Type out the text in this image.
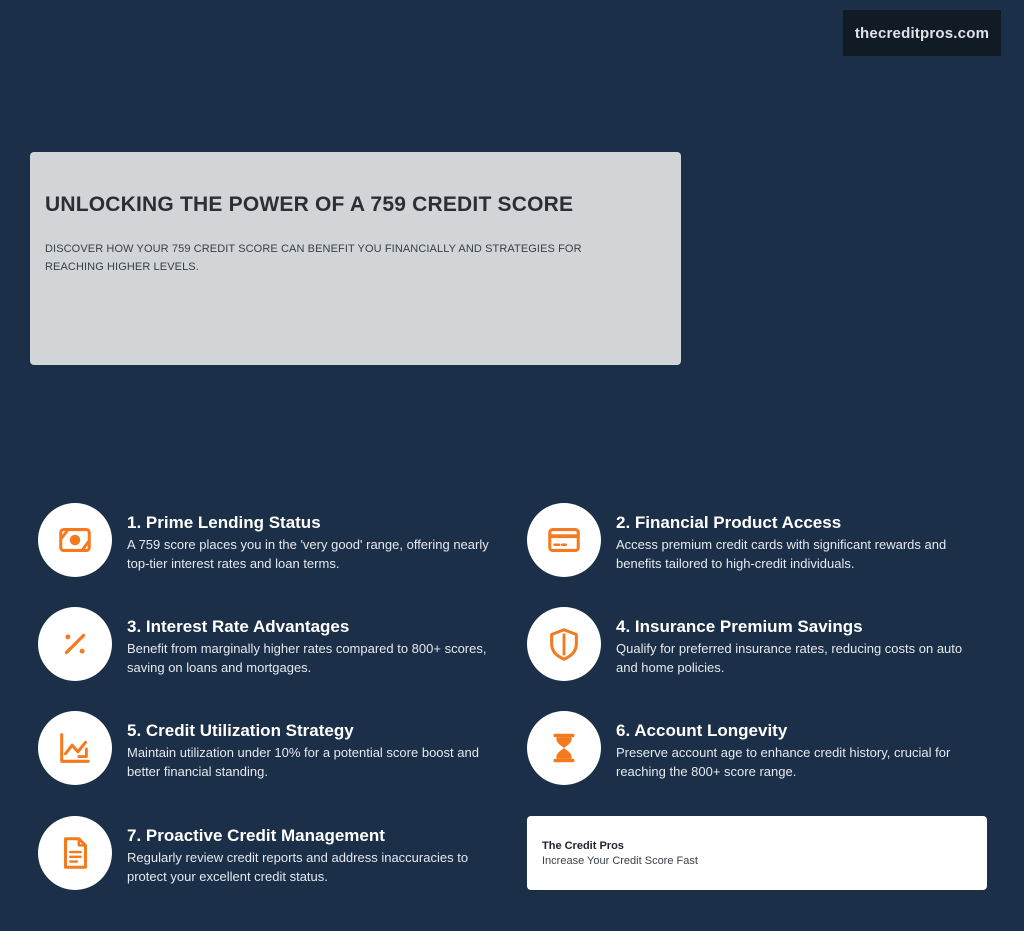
thecreditpros.com
UNLOCKING THE POWER OF A 759 CREDIT SCORE

DISCOVER HOW YOUR 759 CREDIT SCORE CAN BENEFIT YOU FINANCIALLY AND STRATEGIES FOR REACHING HIGHER LEVELS.

1. Prime Lending Status
A 759 score places you in the 'very good' range, offering nearly top-tier interest rates and loan terms.
2. Financial Product Access
Access premium credit cards with significant rewards and benefits tailored to high-credit individuals.
3. Interest Rate Advantages
Benefit from marginally higher rates compared to 800+ scores, saving on loans and mortgages.
4. Insurance Premium Savings
Qualify for preferred insurance rates, reducing costs on auto and home policies.
5. Credit Utilization Strategy
Maintain utilization under 10% for a potential score boost and better financial standing.
6. Account Longevity
Preserve account age to enhance credit history, crucial for reaching the 800+ score range.
7. Proactive Credit Management
Regularly review credit reports and address inaccuracies to protect your excellent credit status.
The Credit Pros
Increase Your Credit Score Fast
